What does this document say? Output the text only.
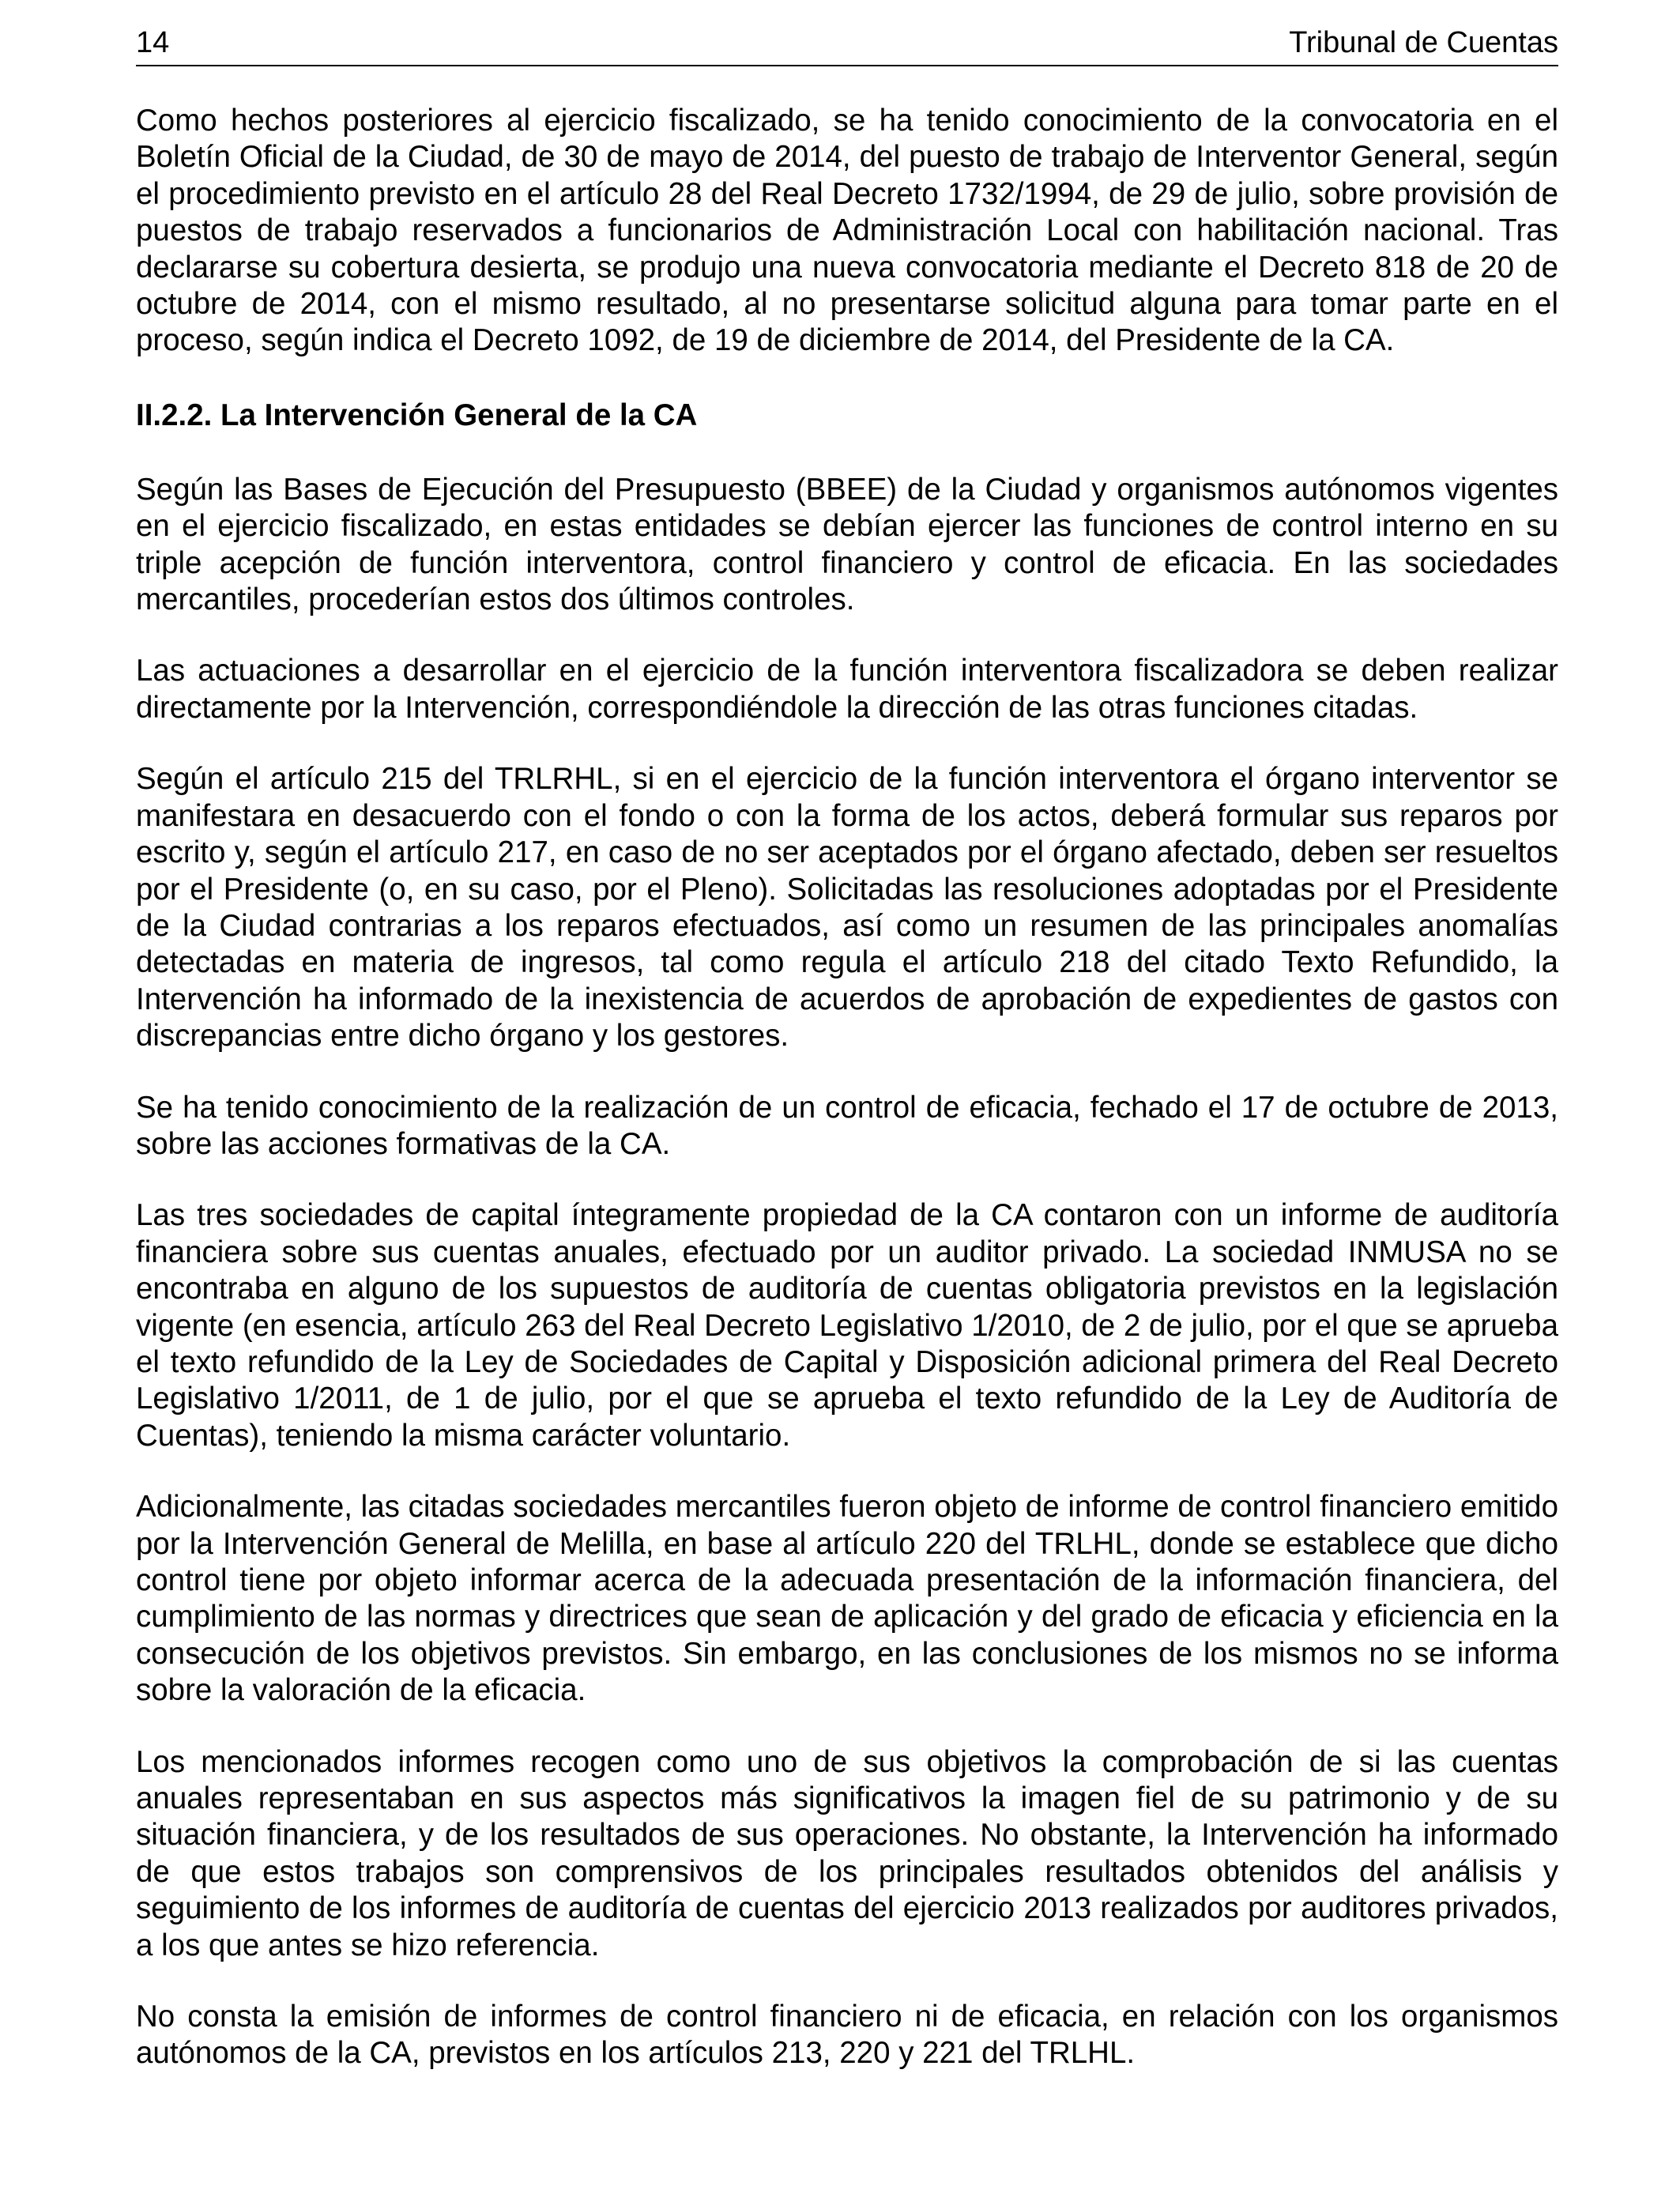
14	Tribunal de Cuentas

Como hechos posteriores al ejercicio fiscalizado, se ha tenido conocimiento de la convocatoria en el Boletín Oficial de la Ciudad, de 30 de mayo de 2014, del puesto de trabajo de Interventor General, según el procedimiento previsto en el artículo 28 del Real Decreto 1732/1994, de 29 de julio, sobre provisión de puestos de trabajo reservados a funcionarios de Administración Local con habilitación nacional. Tras declararse su cobertura desierta, se produjo una nueva convocatoria mediante el Decreto 818 de 20 de octubre de 2014, con el mismo resultado, al no presentarse solicitud alguna para tomar parte en el proceso, según indica el Decreto 1092, de 19 de diciembre de 2014, del Presidente de la CA.

II.2.2. La Intervención General de la CA

Según las Bases de Ejecución del Presupuesto (BBEE) de la Ciudad y organismos autónomos vigentes en el ejercicio fiscalizado, en estas entidades se debían ejercer las funciones de control interno en su triple acepción de función interventora, control financiero y control de eficacia. En las sociedades mercantiles, procederían estos dos últimos controles.

Las actuaciones a desarrollar en el ejercicio de la función interventora fiscalizadora se deben realizar directamente por la Intervención, correspondiéndole la dirección de las otras funciones citadas.

Según el artículo 215 del TRLRHL, si en el ejercicio de la función interventora el órgano interventor se manifestara en desacuerdo con el fondo o con la forma de los actos, deberá formular sus reparos por escrito y, según el artículo 217, en caso de no ser aceptados por el órgano afectado, deben ser resueltos por el Presidente (o, en su caso, por el Pleno). Solicitadas las resoluciones adoptadas por el Presidente de la Ciudad contrarias a los reparos efectuados, así como un resumen de las principales anomalías detectadas en materia de ingresos, tal como regula el artículo 218 del citado Texto Refundido, la Intervención ha informado de la inexistencia de acuerdos de aprobación de expedientes de gastos con discrepancias entre dicho órgano y los gestores.

Se ha tenido conocimiento de la realización de un control de eficacia, fechado el 17 de octubre de 2013, sobre las acciones formativas de la CA.

Las tres sociedades de capital íntegramente propiedad de la CA contaron con un informe de auditoría financiera sobre sus cuentas anuales, efectuado por un auditor privado. La sociedad INMUSA no se encontraba en alguno de los supuestos de auditoría de cuentas obligatoria previstos en la legislación vigente (en esencia, artículo 263 del Real Decreto Legislativo 1/2010, de 2 de julio, por el que se aprueba el texto refundido de la Ley de Sociedades de Capital y Disposición adicional primera del Real Decreto Legislativo 1/2011, de 1 de julio, por el que se aprueba el texto refundido de la Ley de Auditoría de Cuentas), teniendo la misma carácter voluntario.

Adicionalmente, las citadas sociedades mercantiles fueron objeto de informe de control financiero emitido por la Intervención General de Melilla, en base al artículo 220 del TRLHL, donde se establece que dicho control tiene por objeto informar acerca de la adecuada presentación de la información financiera, del cumplimiento de las normas y directrices que sean de aplicación y del grado de eficacia y eficiencia en la consecución de los objetivos previstos. Sin embargo, en las conclusiones de los mismos no se informa sobre la valoración de la eficacia.

Los mencionados informes recogen como uno de sus objetivos la comprobación de si las cuentas anuales representaban en sus aspectos más significativos la imagen fiel de su patrimonio y de su situación financiera, y de los resultados de sus operaciones. No obstante, la Intervención ha informado de que estos trabajos son comprensivos de los principales resultados obtenidos del análisis y seguimiento de los informes de auditoría de cuentas del ejercicio 2013 realizados por auditores privados, a los que antes se hizo referencia.

No consta la emisión de informes de control financiero ni de eficacia, en relación con los organismos autónomos de la CA, previstos en los artículos 213, 220 y 221 del TRLHL.
